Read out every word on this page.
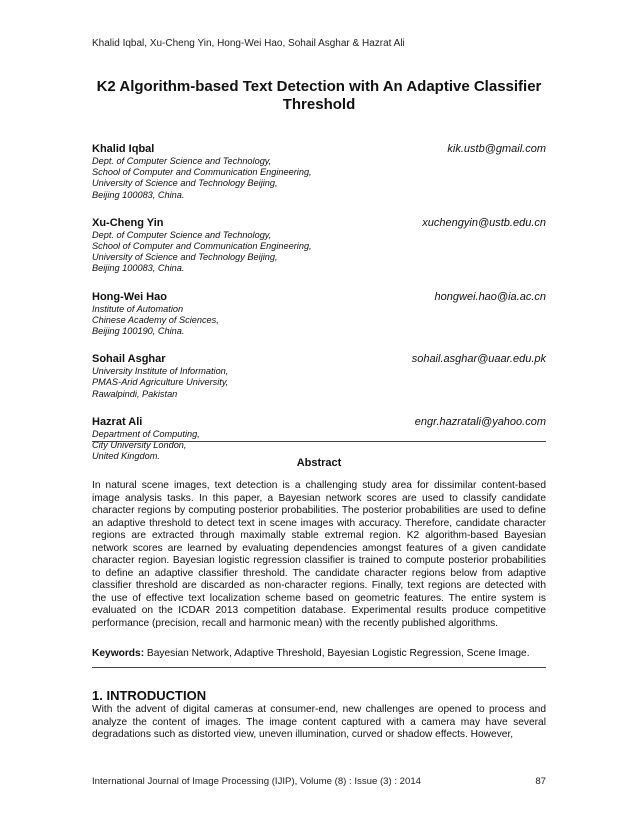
Khalid Iqbal, Xu-Cheng Yin, Hong-Wei Hao, Sohail Asghar & Hazrat Ali
K2 Algorithm-based Text Detection with An Adaptive Classifier Threshold
Khalid Iqbal	kik.ustb@gmail.com
Dept. of Computer Science and Technology,
School of Computer and Communication Engineering,
University of Science and Technology Beijing,
Beijing 100083, China.
Xu-Cheng Yin	xuchengyin@ustb.edu.cn
Dept. of Computer Science and Technology,
School of Computer and Communication Engineering,
University of Science and Technology Beijing,
Beijing 100083, China.
Hong-Wei Hao	hongwei.hao@ia.ac.cn
Institute of Automation
Chinese Academy of Sciences,
Beijing 100190, China.
Sohail Asghar	sohail.asghar@uaar.edu.pk
University Institute of Information,
PMAS-Arid Agriculture University,
Rawalpindi, Pakistan
Hazrat Ali	engr.hazratali@yahoo.com
Department of Computing,
City University London,
United Kingdom.
Abstract
In natural scene images, text detection is a challenging study area for dissimilar content-based image analysis tasks. In this paper, a Bayesian network scores are used to classify candidate character regions by computing posterior probabilities. The posterior probabilities are used to define an adaptive threshold to detect text in scene images with accuracy. Therefore, candidate character regions are extracted through maximally stable extremal region. K2 algorithm-based Bayesian network scores are learned by evaluating dependencies amongst features of a given candidate character region. Bayesian logistic regression classifier is trained to compute posterior probabilities to define an adaptive classifier threshold. The candidate character regions below from adaptive classifier threshold are discarded as non-character regions. Finally, text regions are detected with the use of effective text localization scheme based on geometric features. The entire system is evaluated on the ICDAR 2013 competition database. Experimental results produce competitive performance (precision, recall and harmonic mean) with the recently published algorithms.
Keywords: Bayesian Network, Adaptive Threshold, Bayesian Logistic Regression, Scene Image.
1. INTRODUCTION
With the advent of digital cameras at consumer-end, new challenges are opened to process and analyze the content of images. The image content captured with a camera may have several degradations such as distorted view, uneven illumination, curved or shadow effects. However,
International Journal of Image Processing (IJIP), Volume (8) : Issue (3) : 2014	87
